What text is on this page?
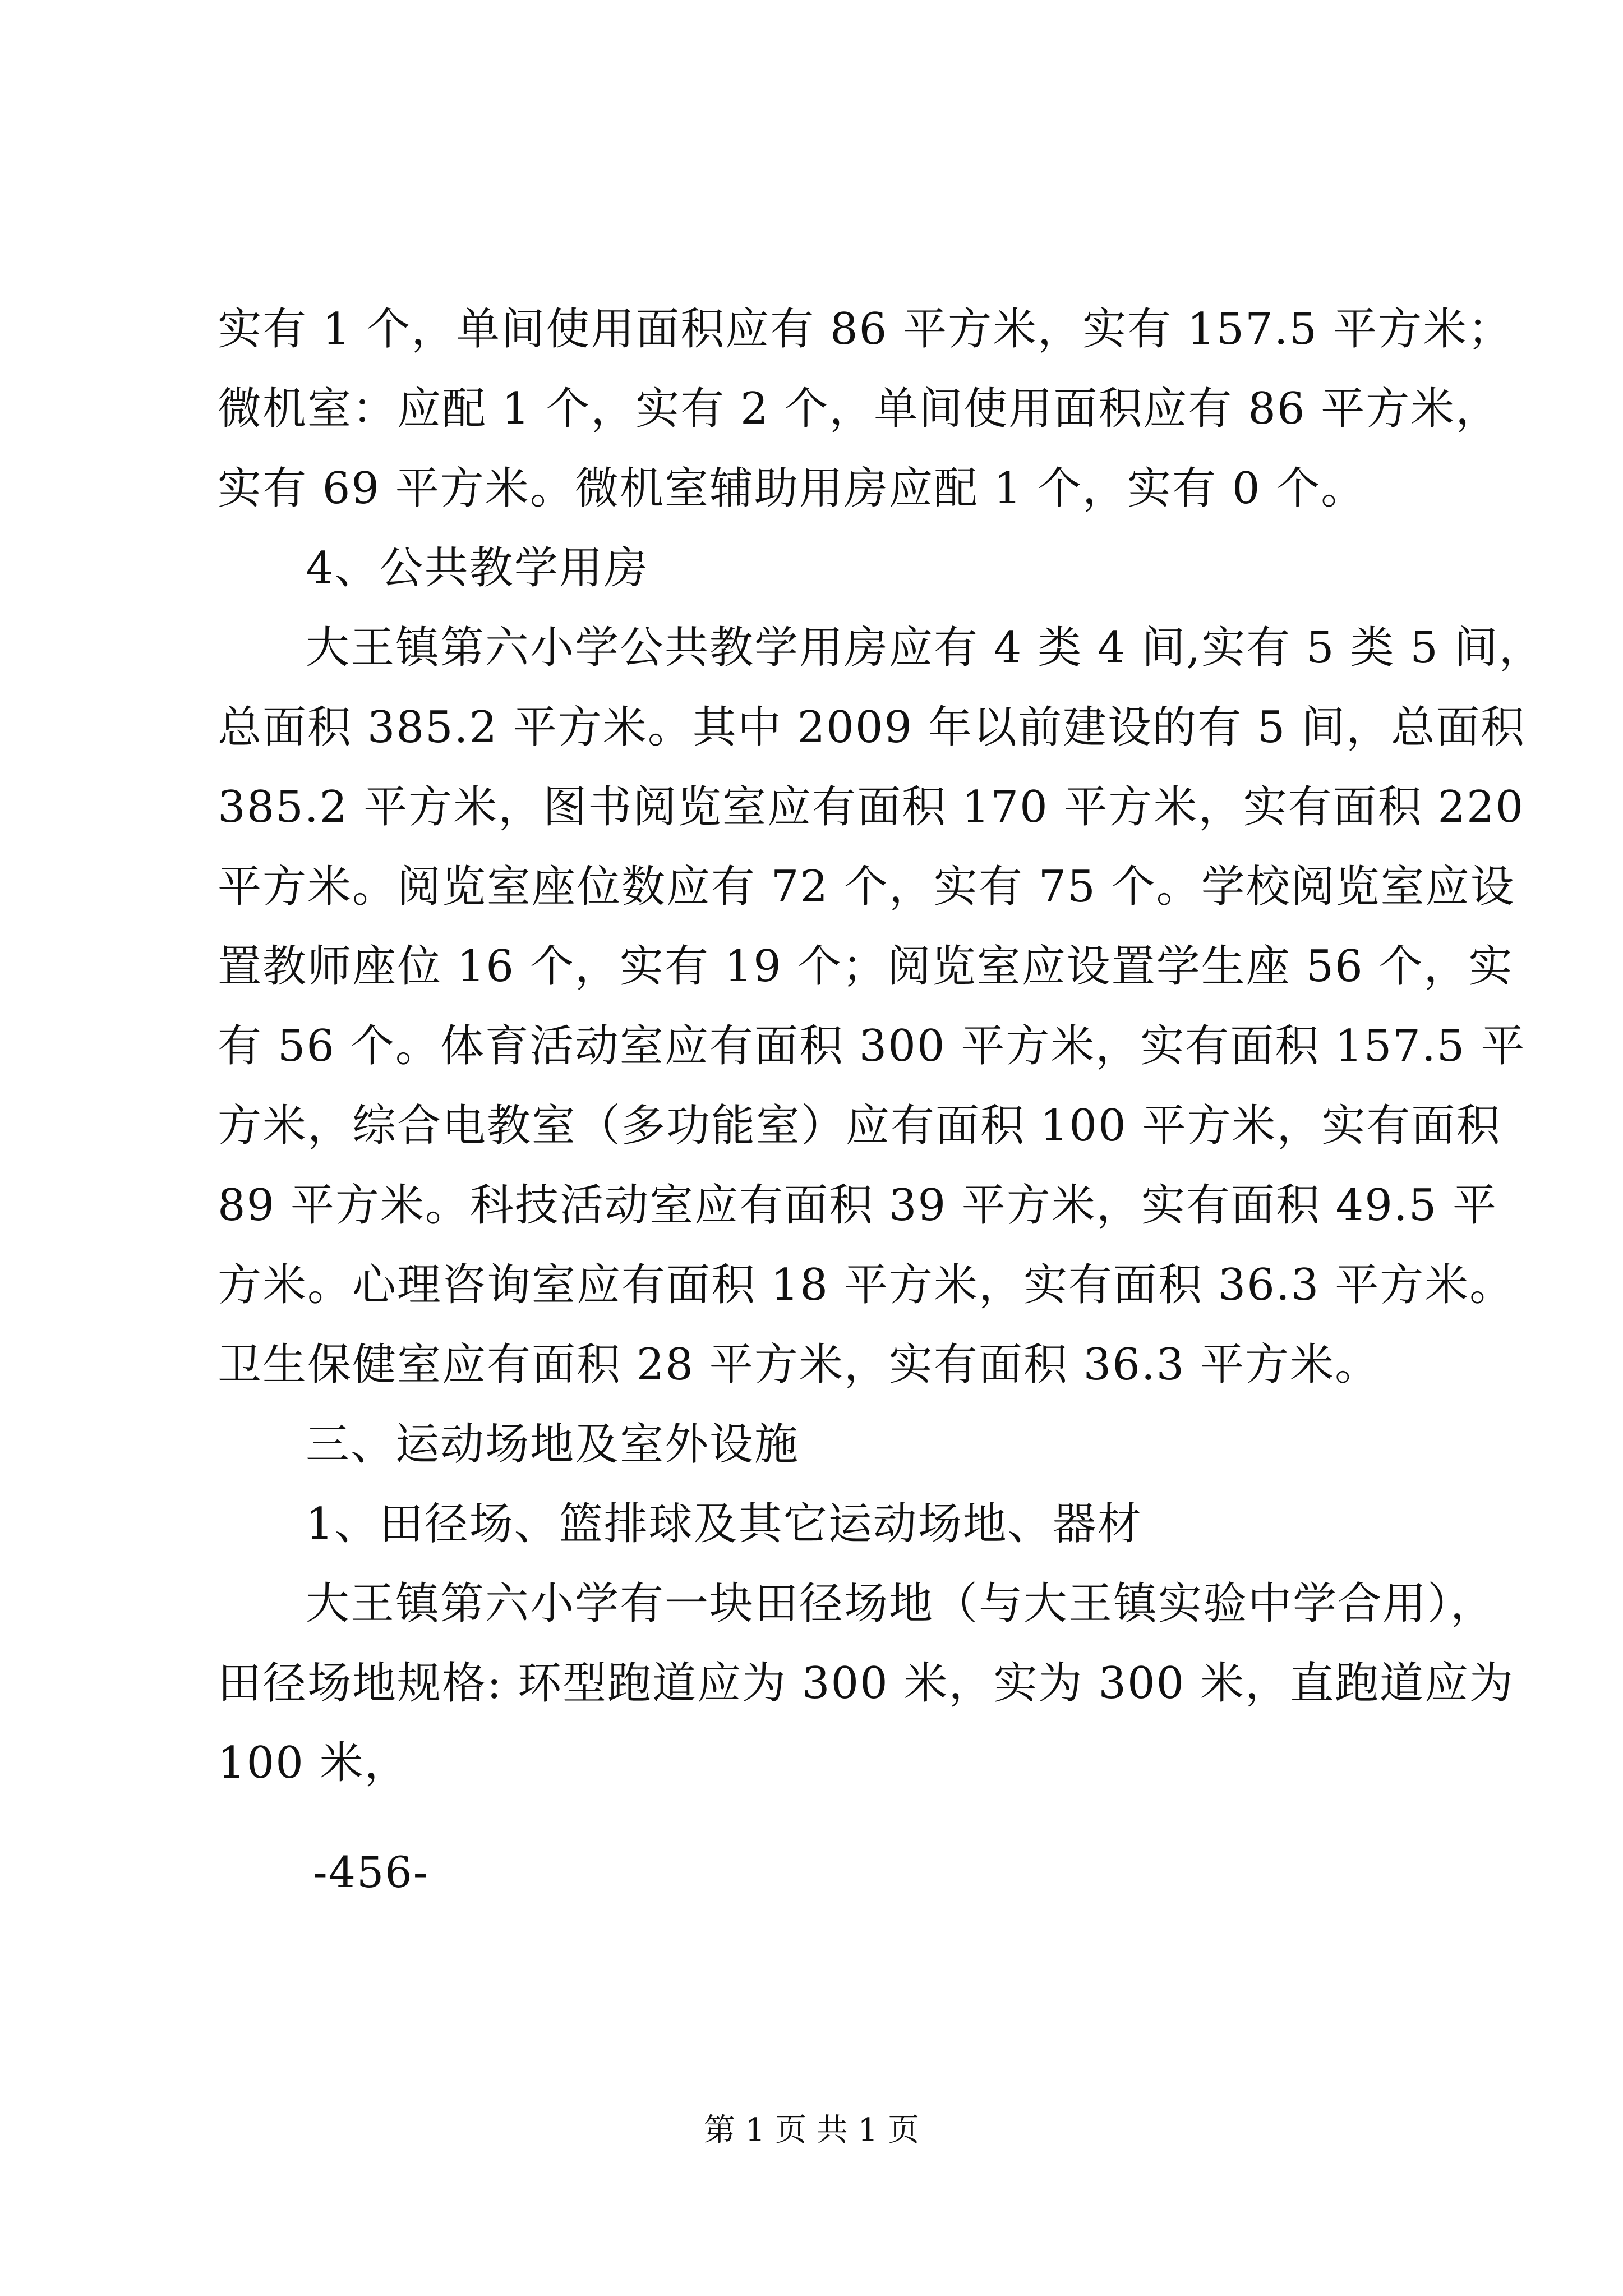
实有 1 个，单间使用面积应有 86 平方米，实有 157.5 平方米；
微机室：应配 1 个，实有 2 个，单间使用面积应有 86 平方米，
实有 69 平方米。微机室辅助用房应配 1 个，实有 0 个。
4、公共教学用房
大王镇第六小学公共教学用房应有 4 类 4 间,实有 5 类 5 间，
总面积 385.2 平方米。其中 2009 年以前建设的有 5 间，总面积
385.2 平方米，图书阅览室应有面积 170 平方米，实有面积 220
平方米。阅览室座位数应有 72 个，实有 75 个。学校阅览室应设
置教师座位 16 个，实有 19 个；阅览室应设置学生座 56 个，实
有 56 个。体育活动室应有面积 300 平方米，实有面积 157.5 平
方米，综合电教室（多功能室）应有面积 100 平方米，实有面积
89 平方米。科技活动室应有面积 39 平方米，实有面积 49.5 平
方米。心理咨询室应有面积 18 平方米，实有面积 36.3 平方米。
卫生保健室应有面积 28 平方米，实有面积 36.3 平方米。
三、运动场地及室外设施
1、田径场、篮排球及其它运动场地、器材
大王镇第六小学有一块田径场地（与大王镇实验中学合用），
田径场地规格: 环型跑道应为 300 米，实为 300 米，直跑道应为
100 米，
-456-
第 1 页 共 1 页
